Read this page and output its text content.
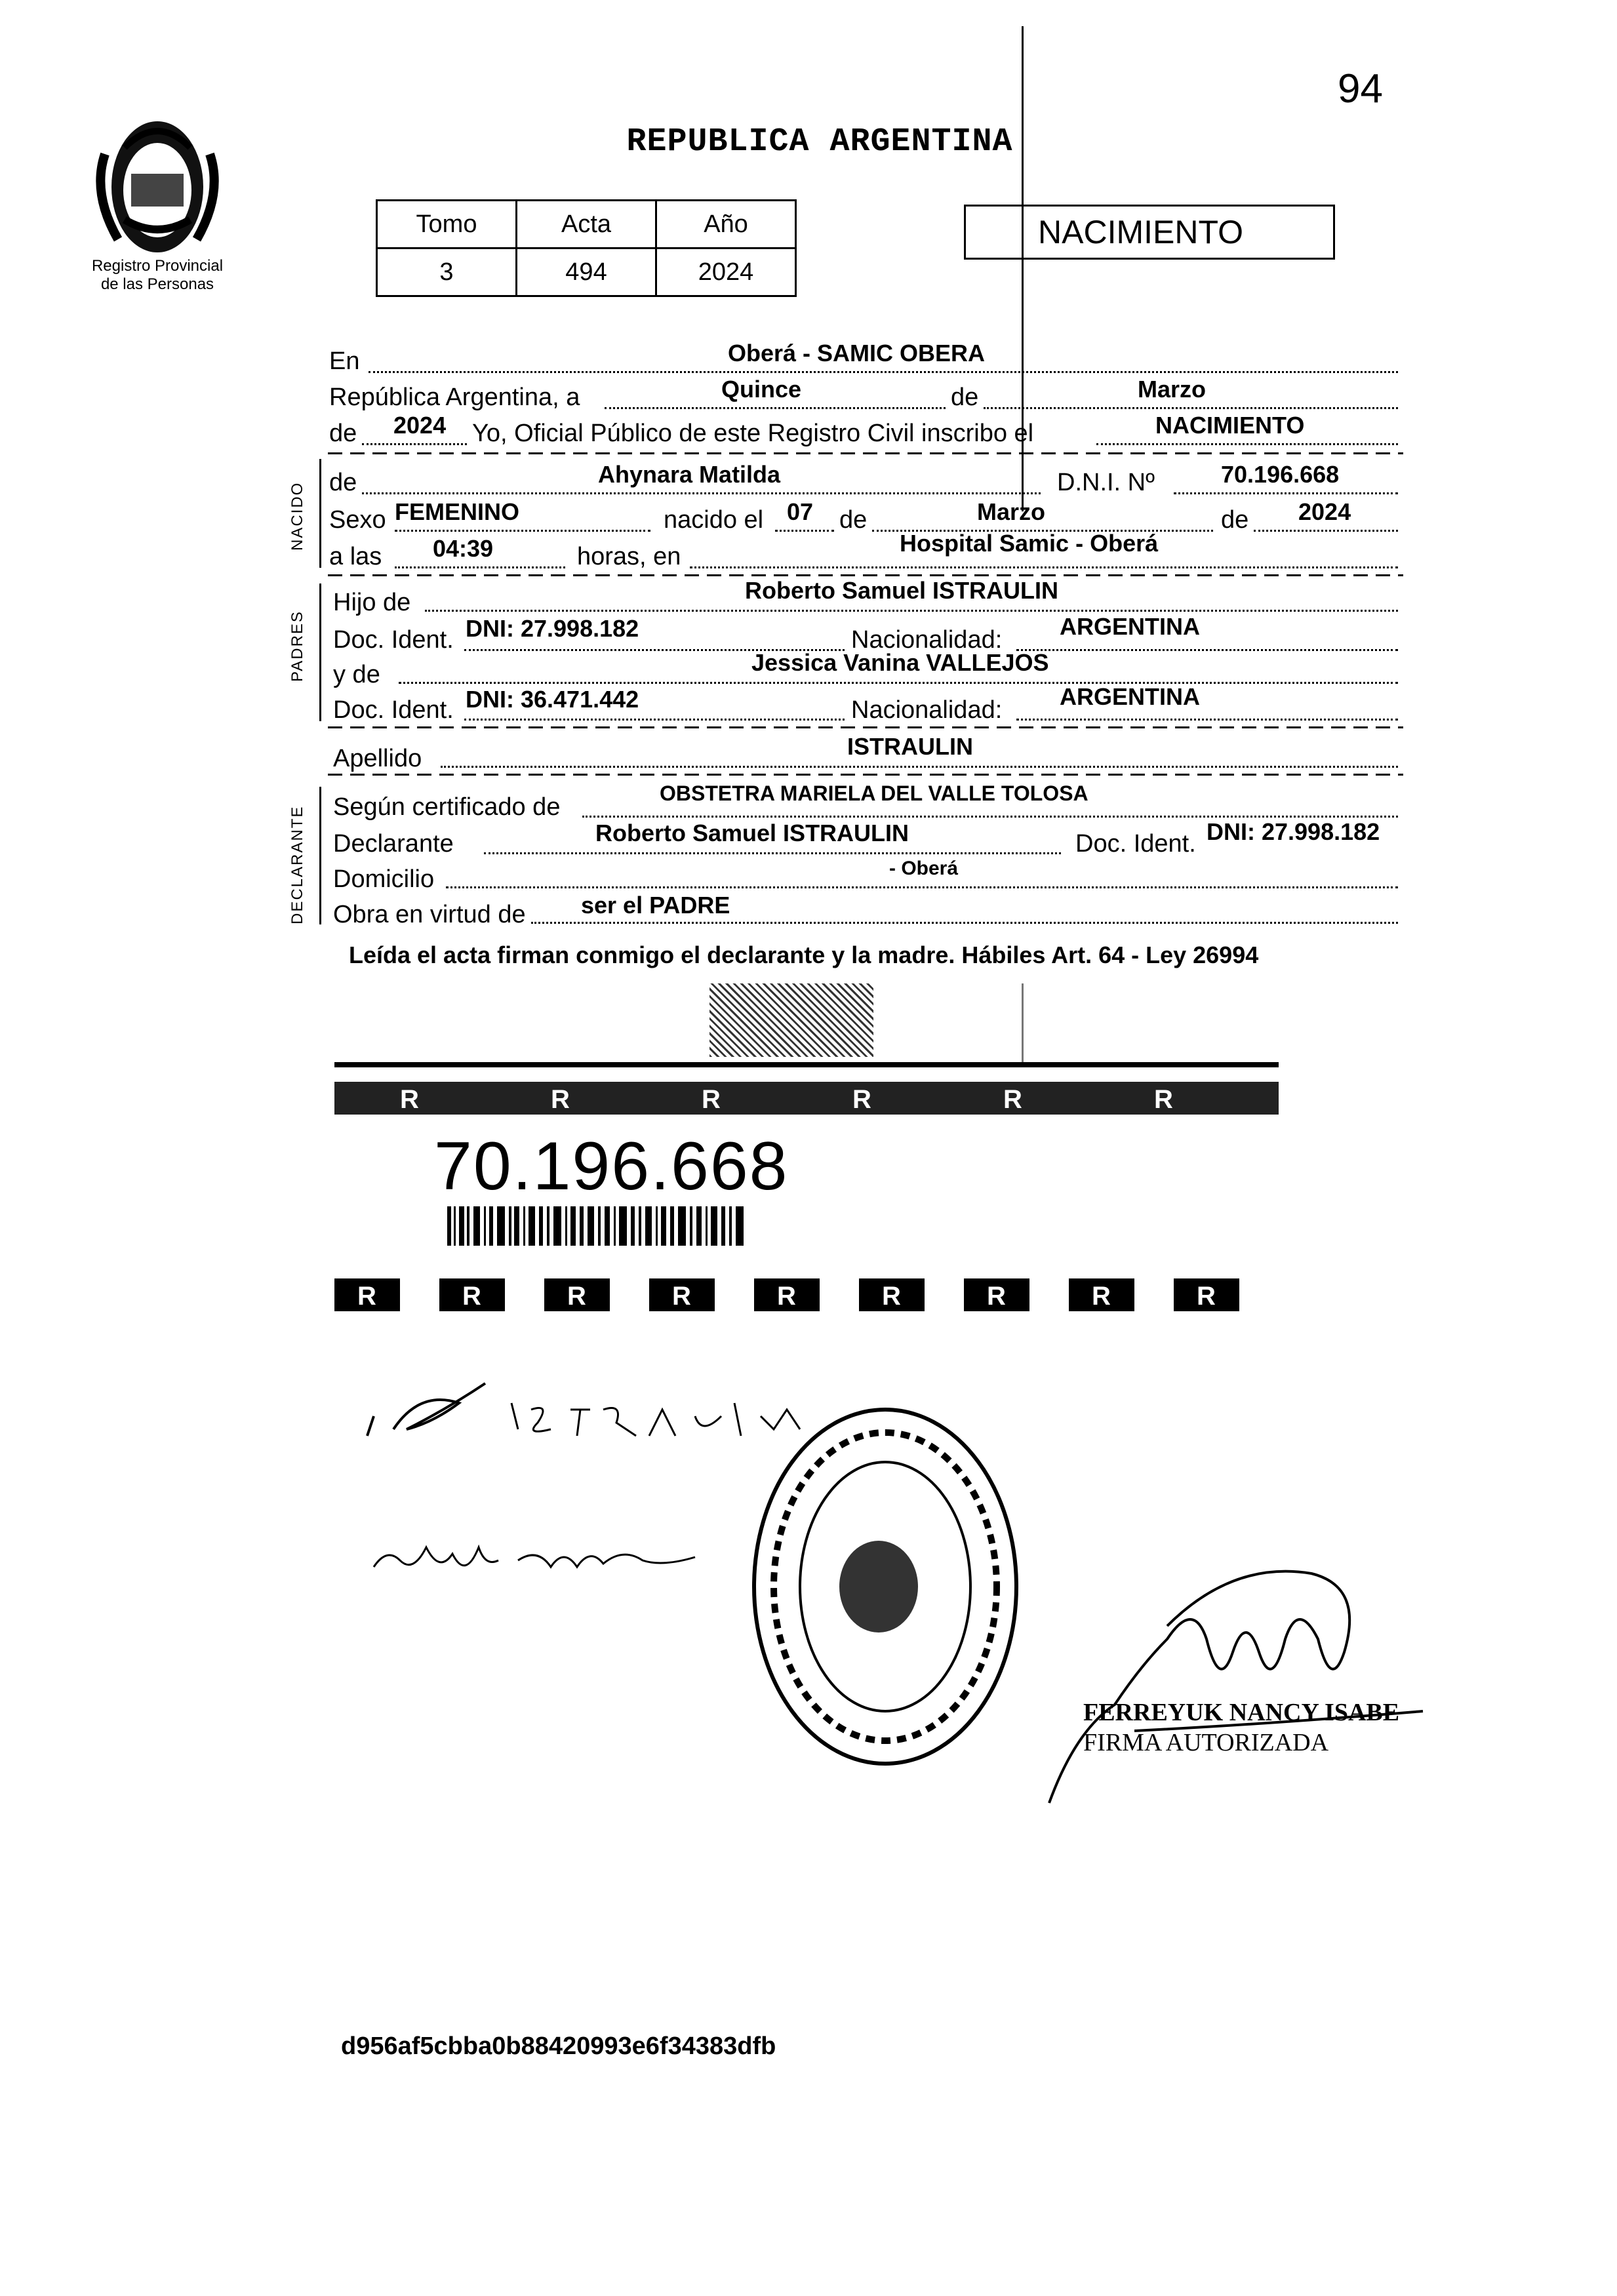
94
Registro Provincial
de las Personas
REPUBLICA ARGENTINA
Tomo	Acta	Año
3	494	2024
NACIMIENTO
NACIDO
PADRES
DECLARANTE
En	Oberá - SAMIC OBERA
República Argentina, a	Quince	de	Marzo
de 2024 Yo, Oficial Público de este Registro Civil inscribo el	NACIMIENTO
de	Ahynara Matilda	D.N.I. Nº	70.196.668
Sexo FEMENINO	nacido el 07 de	Marzo	de 2024
a las 04:39	horas, en	Hospital Samic - Oberá
Hijo de	Roberto Samuel ISTRAULIN
Doc. Ident. DNI: 27.998.182	Nacionalidad: ARGENTINA
y de	Jessica Vanina VALLEJOS
Doc. Ident. DNI: 36.471.442	Nacionalidad: ARGENTINA
Apellido	ISTRAULIN
Según certificado de	OBSTETRA MARIELA DEL VALLE TOLOSA
Declarante	Roberto Samuel ISTRAULIN	Doc. Ident. DNI: 27.998.182
Domicilio	- Oberá
Obra en virtud de ser el PADRE
Leída el acta firman conmigo el declarante y la madre. Hábiles Art. 64 - Ley 26994
R	R	R	R	R	R
70.196.668
R	R	R	R	R	R	R	R	R
FERREYUK NANCY ISABE
FIRMA AUTORIZADA
d956af5cbba0b88420993e6f34383dfb
